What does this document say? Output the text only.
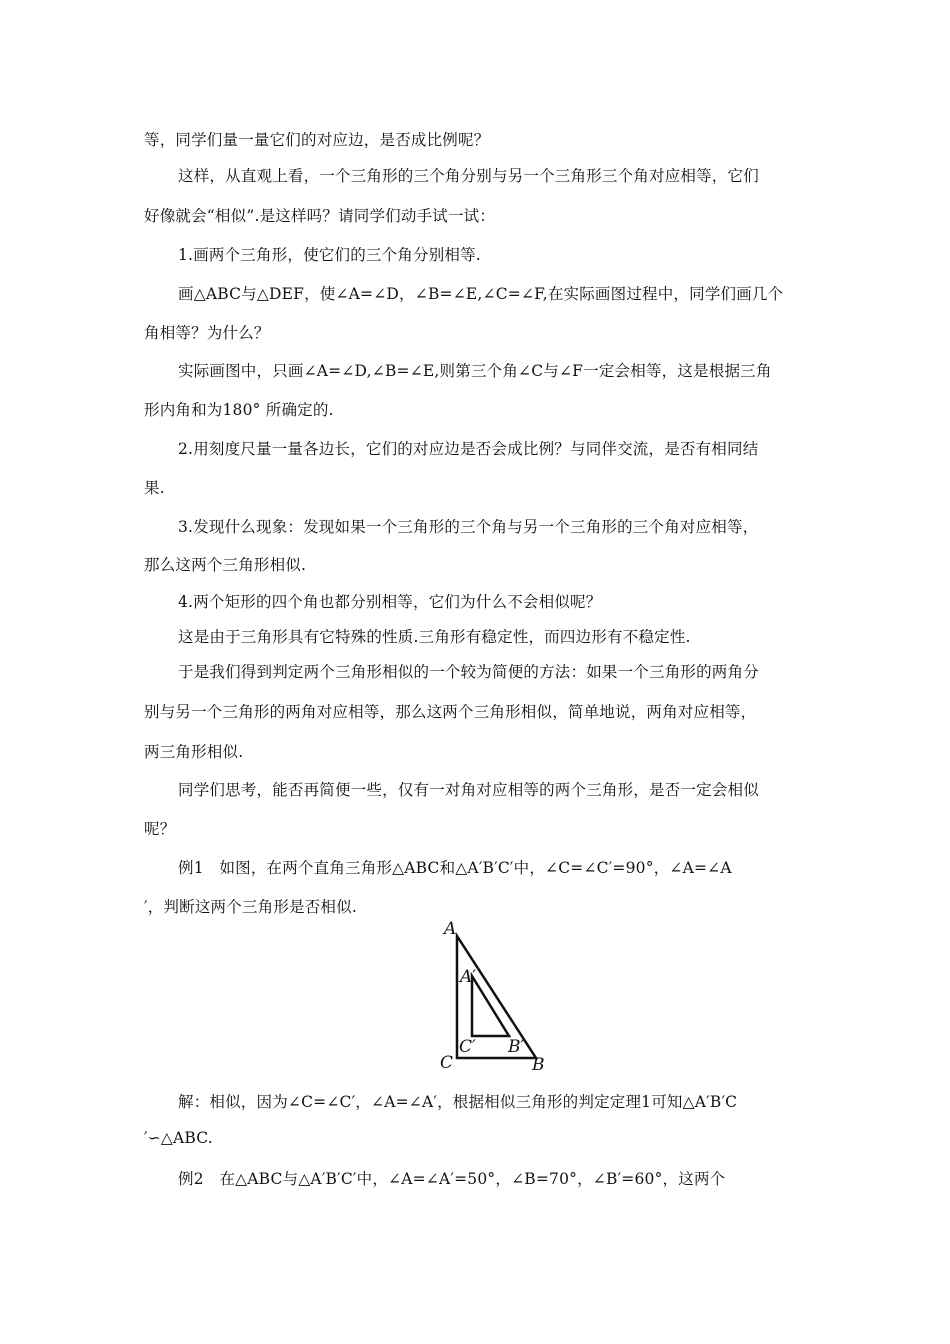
等，同学们量一量它们的对应边，是否成比例呢？
这样，从直观上看，一个三角形的三个角分别与另一个三角形三个角对应相等，它们
好像就会“相似”.是这样吗？请同学们动手试一试：
1.画两个三角形，使它们的三个角分别相等.
画△ABC与△DEF，使∠A=∠D，∠B=∠E,∠C=∠F,在实际画图过程中，同学们画几个
角相等？为什么？
实际画图中，只画∠A=∠D,∠B=∠E,则第三个角∠C与∠F一定会相等，这是根据三角
形内角和为180° 所确定的.
2.用刻度尺量一量各边长，它们的对应边是否会成比例？与同伴交流，是否有相同结
果.
3.发现什么现象：发现如果一个三角形的三个角与另一个三角形的三个角对应相等，
那么这两个三角形相似.
4.两个矩形的四个角也都分别相等，它们为什么不会相似呢？
这是由于三角形具有它特殊的性质.三角形有稳定性，而四边形有不稳定性.
于是我们得到判定两个三角形相似的一个较为简便的方法：如果一个三角形的两角分
别与另一个三角形的两角对应相等，那么这两个三角形相似，简单地说，两角对应相等，
两三角形相似.
同学们思考，能否再简便一些，仅有一对角对应相等的两个三角形，是否一定会相似
呢？
例1　如图，在两个直角三角形△ABC和△A′B′C′中，∠C=∠C′=90°，∠A=∠A
′，判断这两个三角形是否相似.
A
A′
C
C′ B′
B
解：相似，因为∠C=∠C′，∠A=∠A′，根据相似三角形的判定定理1可知△A′B′C
′∽△ABC.
例2　在△ABC与△A′B′C′中，∠A=∠A′=50°，∠B=70°，∠B′=60°，这两个
